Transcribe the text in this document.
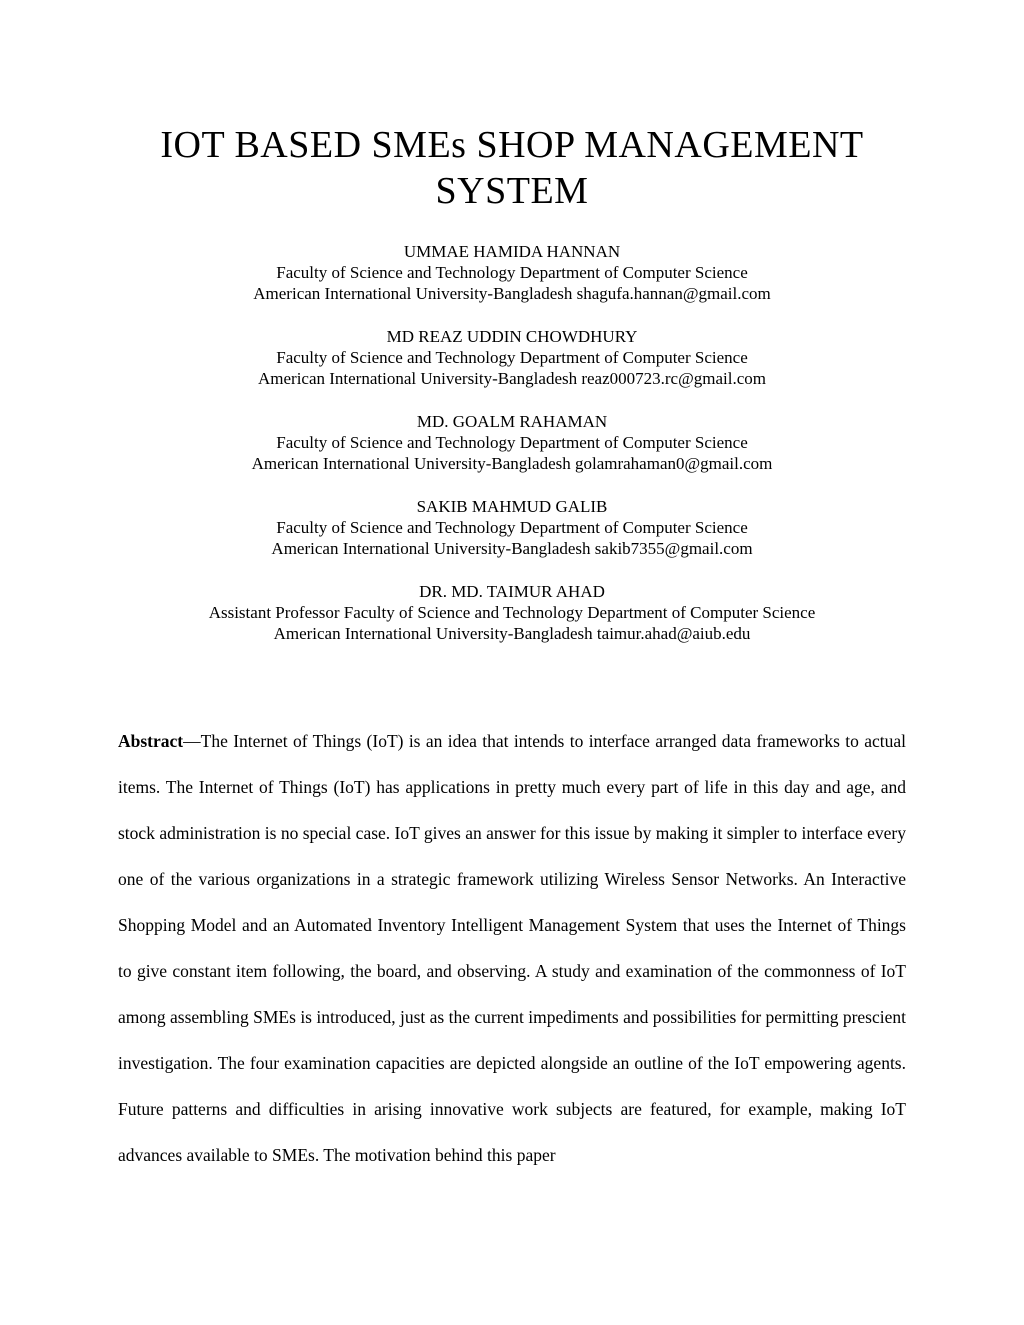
IOT BASED SMEs SHOP MANAGEMENT SYSTEM
UMMAE HAMIDA HANNAN
Faculty of Science and Technology Department of Computer Science
American International University-Bangladesh shagufa.hannan@gmail.com
MD REAZ UDDIN CHOWDHURY
Faculty of Science and Technology Department of Computer Science
American International University-Bangladesh reaz000723.rc@gmail.com
MD. GOALM RAHAMAN
Faculty of Science and Technology Department of Computer Science
American International University-Bangladesh golamrahaman0@gmail.com
SAKIB MAHMUD GALIB
Faculty of Science and Technology Department of Computer Science
American International University-Bangladesh sakib7355@gmail.com
DR. MD. TAIMUR AHAD
Assistant Professor Faculty of Science and Technology Department of Computer Science
American International University-Bangladesh taimur.ahad@aiub.edu

Abstract—The Internet of Things (IoT) is an idea that intends to interface arranged data frameworks to actual items. The Internet of Things (IoT) has applications in pretty much every part of life in this day and age, and stock administration is no special case. IoT gives an answer for this issue by making it simpler to interface every one of the various organizations in a strategic framework utilizing Wireless Sensor Networks. An Interactive Shopping Model and an Automated Inventory Intelligent Management System that uses the Internet of Things to give constant item following, the board, and observing. A study and examination of the commonness of IoT among assembling SMEs is introduced, just as the current impediments and possibilities for permitting prescient investigation. The four examination capacities are depicted alongside an outline of the IoT empowering agents. Future patterns and difficulties in arising innovative work subjects are featured, for example, making IoT advances available to SMEs. The motivation behind this paper
